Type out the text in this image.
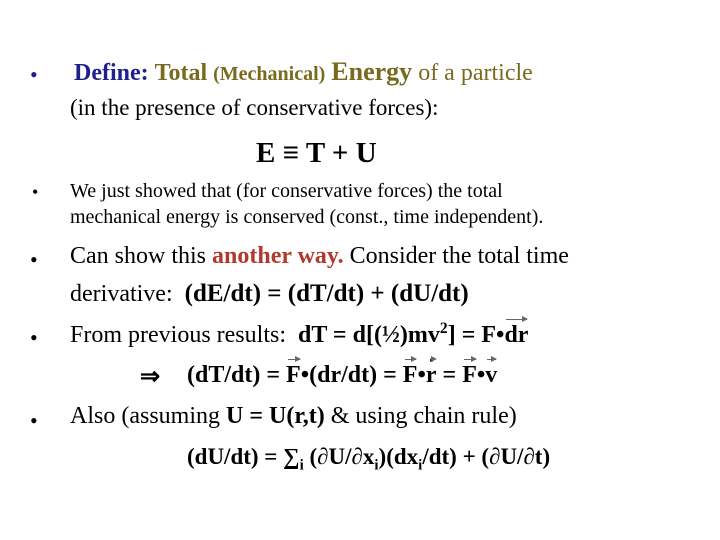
• Define: Total (Mechanical) Energy of a particle
(in the presence of conservative forces):
E ≡ T + U
• We just showed that (for conservative forces) the total
mechanical energy is conserved (const., time independent).
• Can show this another way. Consider the total time
derivative: (dE/dt) = (dT/dt) + (dU/dt)
• From previous results: dT = $d[(\frac{1}{2})mv^2]$ = F•dr
⇒ (dT/dt) = F•(dr/dt) = F•r = F•v
• Also (assuming U = U(r,t) & using chain rule)
$(dU/dt) = \sum_i$ $(\partial U/\partial x_i)(dx_i/dt) + (\partial U/\partial t)$
